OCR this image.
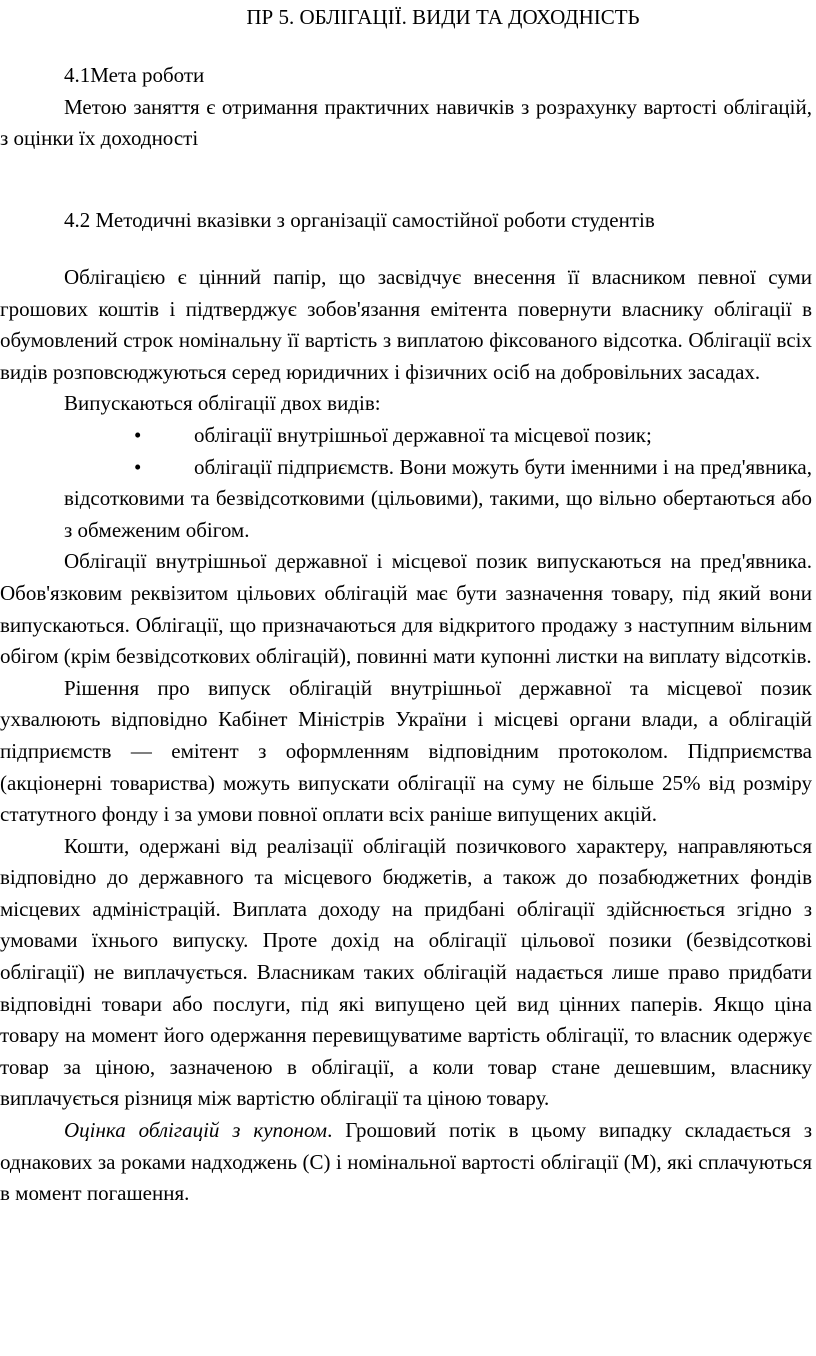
ПР 5. ОБЛІГАЦІЇ. ВИДИ ТА ДОХОДНІСТЬ

4.1Мета роботи

Метою заняття є отримання практичних навичків з розрахунку вартості облігацій, з оцінки їх доходності

4.2 Методичні вказівки з організації самостійної роботи студентів

Облігацією є цінний папір, що засвідчує внесення її власником певної суми грошових коштів і підтверджує зобов'язання емітента повернути власнику облігації в обумовлений строк номінальну її вартість з виплатою фіксованого відсотка. Облігації всіх видів розповсюджуються серед юридичних і фізичних осіб на добровільних засадах.

Випускаються облігації двох видів:

•	облігації внутрішньої державної та місцевої позик;
•	облігації підприємств. Вони можуть бути іменними і на пред'явника, відсотковими та безвідсотковими (цільовими), такими, що вільно обертаються або з обмеженим обігом.

Облігації внутрішньої державної і місцевої позик випускаються на пред'явника. Обов'язковим реквізитом цільових облігацій має бути зазначення товару, під який вони випускаються. Облігації, що призначаються для відкритого продажу з наступним вільним обігом (крім безвідсоткових облігацій), повинні мати купонні листки на виплату відсотків.

Рішення про випуск облігацій внутрішньої державної та місцевої позик ухвалюють відповідно Кабінет Міністрів України і місцеві органи влади, а облігацій підприємств — емітент з оформленням відповідним протоколом. Підприємства (акціонерні товариства) можуть випускати облігації на суму не більше 25% від розміру статутного фонду і за умови повної оплати всіх раніше випущених акцій.

Кошти, одержані від реалізації облігацій позичкового характеру, направляються відповідно до державного та місцевого бюджетів, а також до позабюджетних фондів місцевих адміністрацій. Виплата доходу на придбані облігації здійснюється згідно з умовами їхнього випуску. Проте дохід на облігації цільової позики (безвідсоткові облігації) не виплачується. Власникам таких облігацій надається лише право придбати відповідні товари або послуги, під які випущено цей вид цінних паперів. Якщо ціна товару на момент його одержання перевищуватиме вартість облігації, то власник одержує товар за ціною, зазначеною в облігації, а коли товар стане дешевшим, власнику виплачується різниця між вартістю облігації та ціною товару.

Оцінка облігацій з купоном. Грошовий потік в цьому випадку складається з однакових за роками надходжень (С) і номінальної вартості облігації (М), які сплачуються в момент погашення.
